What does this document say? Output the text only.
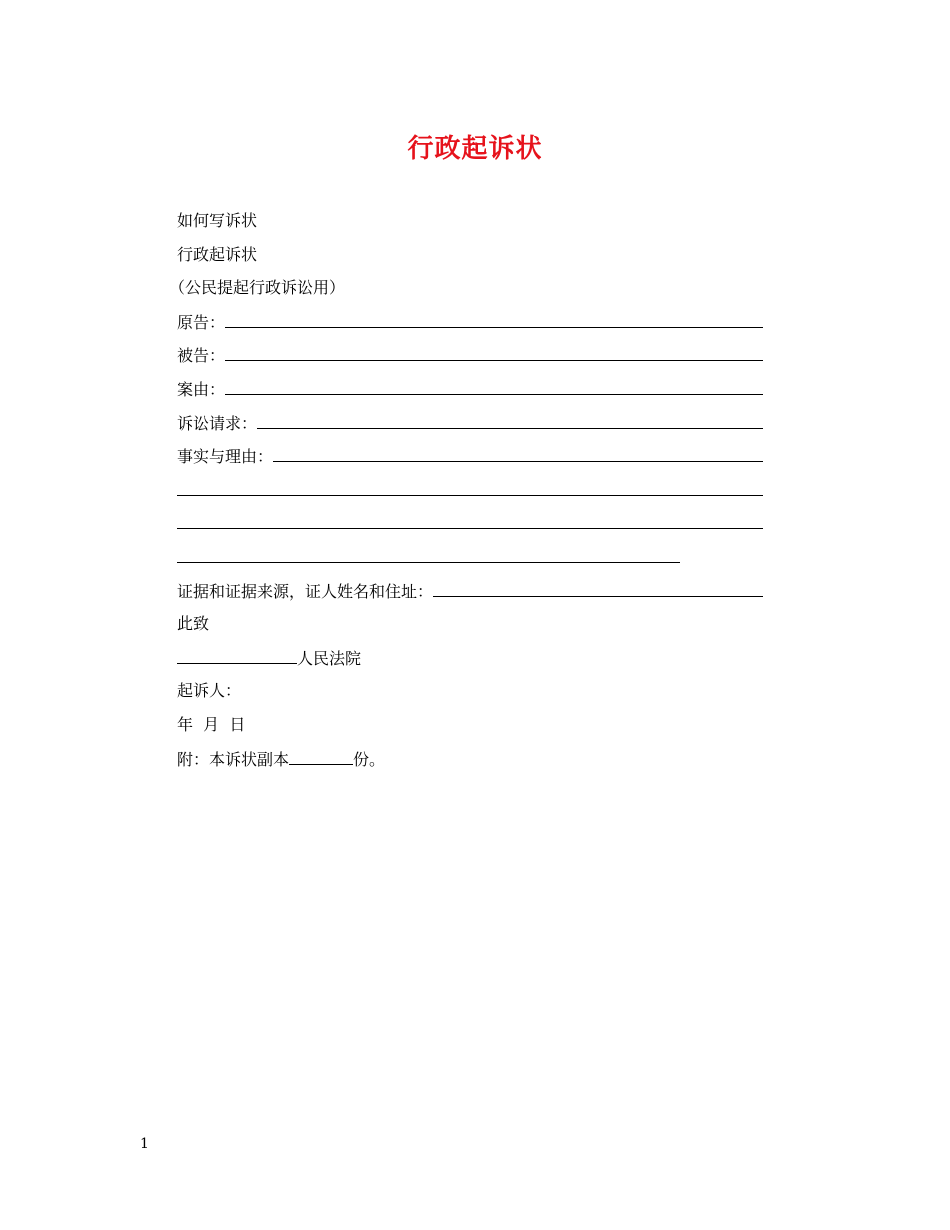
行政起诉状
如何写诉状
行政起诉状
（公民提起行政诉讼用）
原告：
被告：
案由：
诉讼请求：
事实与理由：
证据和证据来源，证人姓名和住址：
此致
人民法院
起诉人：
年  月  日
附：本诉状副本	份。
1
